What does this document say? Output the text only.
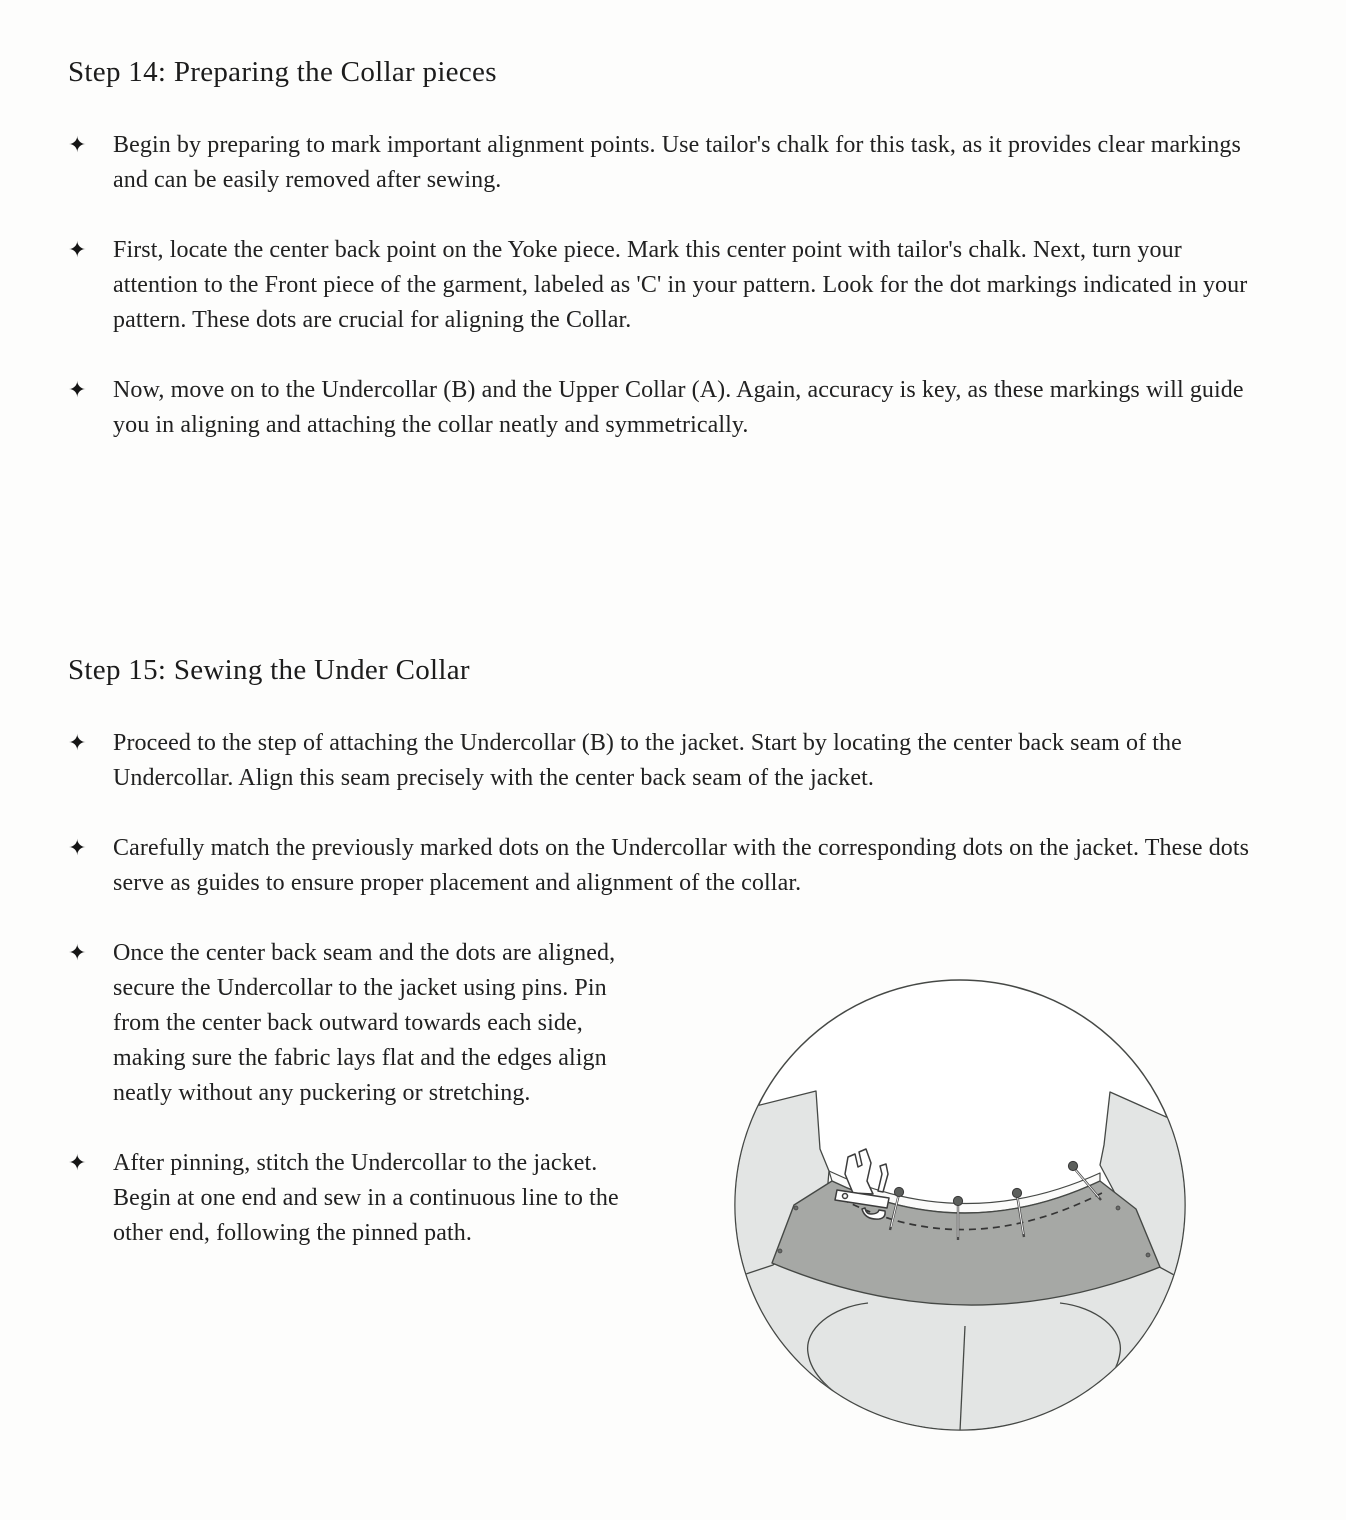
Step 14: Preparing the Collar pieces
✦	Begin by preparing to mark important alignment points. Use tailor's chalk for this task, as it provides clear markings and can be easily removed after sewing.

✦	First, locate the center back point on the Yoke piece. Mark this center point with tailor's chalk. Next, turn your attention to the Front piece of the garment, labeled as 'C' in your pattern. Look for the dot markings indicated in your pattern. These dots are crucial for aligning the Collar.

✦	Now, move on to the Undercollar (B) and the Upper Collar (A). Again, accuracy is key, as these markings will guide you in aligning and attaching the collar neatly and symmetrically.

Step 15: Sewing the Under Collar
✦	Proceed to the step of attaching the Undercollar (B) to the jacket. Start by locating the center back seam of the Undercollar. Align this seam precisely with the center back seam of the jacket.

✦	Carefully match the previously marked dots on the Undercollar with the corresponding dots on the jacket. These dots serve as guides to ensure proper placement and alignment of the collar.

✦	Once the center back seam and the dots are aligned, secure the Undercollar to the jacket using pins. Pin from the center back outward towards each side, making sure the fabric lays flat and the edges align neatly without any puckering or stretching.

✦	After pinning, stitch the Undercollar to the jacket. Begin at one end and sew in a continuous line to the other end, following the pinned path.
